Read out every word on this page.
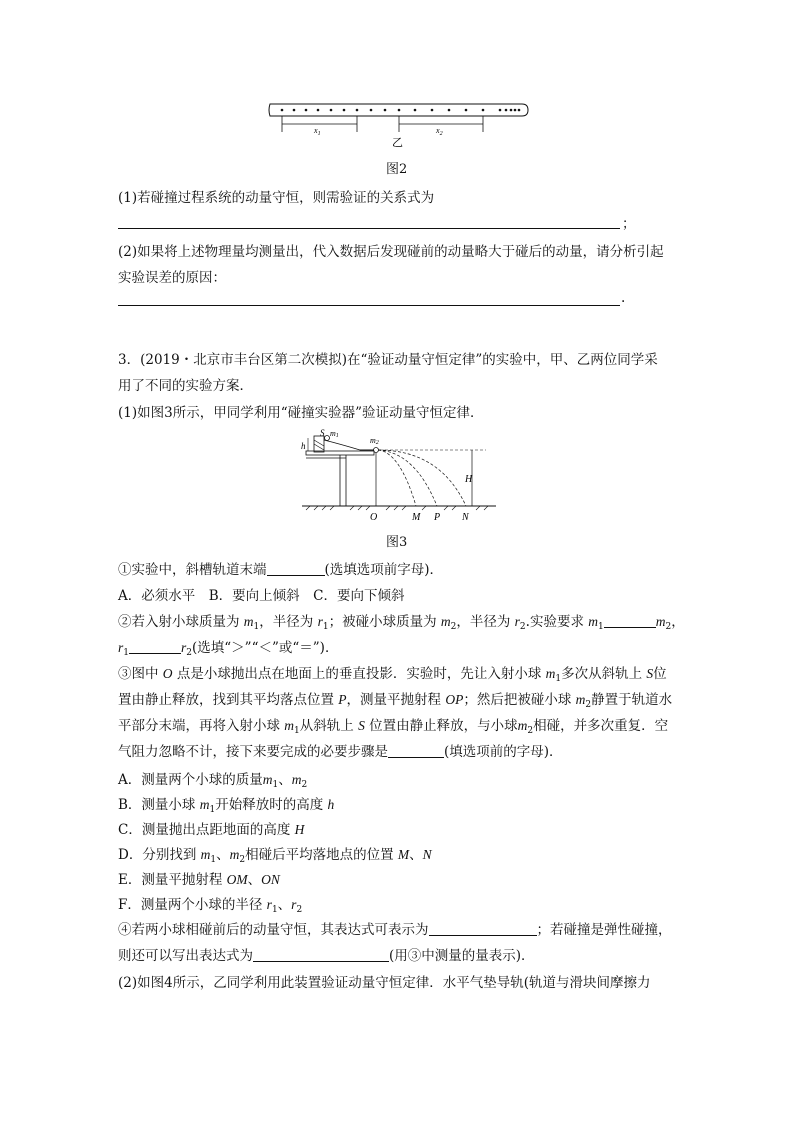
$x_1$	$x_2$
乙
图2
(1)若碰撞过程系统的动量守恒，则需验证的关系式为
；
(2)如果将上述物理量均测量出，代入数据后发现碰前的动量略大于碰后的动量，请分析引起
实验误差的原因：
.
3．(2019・北京市丰台区第二次模拟)在“验证动量守恒定律”的实验中，甲、乙两位同学采
用了不同的实验方案．
(1)如图3所示，甲同学利用“碰撞实验器”验证动量守恒定律．
h
S m1	m2
H
O	M P N
图3
①实验中，斜槽轨道末端	(选填选项前字母)．
A．必须水平　B．要向上倾斜　C．要向下倾斜
②若入射小球质量为 $m_1$，半径为 $r_1$；被碰小球质量为 $m_2$，半径为 $r_2$.实验要求 $m_1$	$m_2$，
$r_1$	$r_2$(选填“＞”“＜”或“＝”)．
③图中 O 点是小球抛出点在地面上的垂直投影．实验时，先让入射小球 $m_1$多次从斜轨上 S位
置由静止释放，找到其平均落点位置 P，测量平抛射程 OP；然后把被碰小球 $m_2$静置于轨道水
平部分末端，再将入射小球 $m_1$从斜轨上 S 位置由静止释放，与小球$m_2$相碰，并多次重复．空
气阻力忽略不计，接下来要完成的必要步骤是	(填选项前的字母)．
A．测量两个小球的质量$m_1$、$m_2$
B．测量小球 $m_1$开始释放时的高度 h
C．测量抛出点距地面的高度 H
D．分别找到 $m_1$、$m_2$相碰后平均落地点的位置 M、N
E．测量平抛射程 OM、ON
F．测量两个小球的半径 $r_1$、$r_2$
④若两小球相碰前后的动量守恒，其表达式可表示为	；若碰撞是弹性碰撞，
则还可以写出表达式为	(用③中测量的量表示)．
(2)如图4所示，乙同学利用此装置验证动量守恒定律．水平气垫导轨(轨道与滑块间摩擦力
